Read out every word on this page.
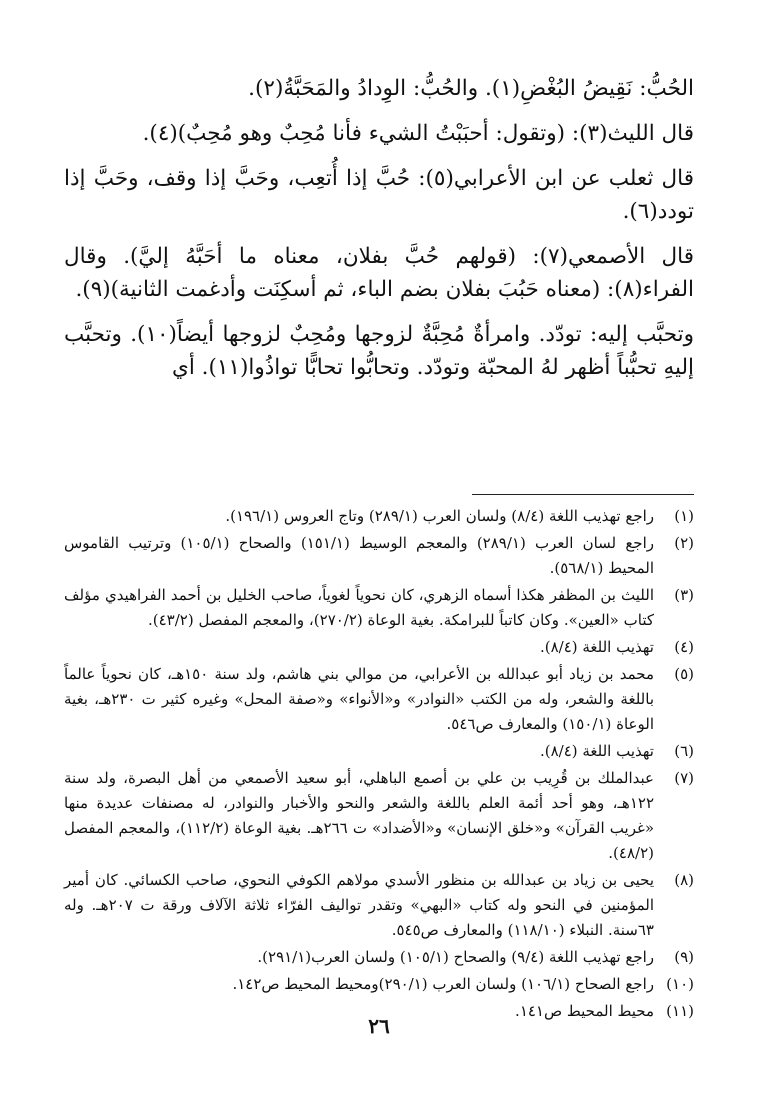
الحُبُّ: نَقِيضُ البُغْضِ(١). والحُبُّ: الوِدادُ والمَحَبَّةُ(٢).

قال الليث(٣): (وتقول: أحبَبْتُ الشيء فأنا مُحِبٌ وهو مُحِبٌ)(٤).

قال ثعلب عن ابن الأعرابي(٥): حُبَّ إذا أُتعِب، وحَبَّ إذا وقف، وحَبَّ إذا تودد(٦).

قال الأصمعي(٧): (قولهم حُبَّ بفلان، معناه ما أحَبَّهُ إليَّ). وقال الفراء(٨): (معناه حَبُبَ بفلان بضم الباء، ثم أسكِنَت وأدغمت الثانية)(٩).

وتحبَّب إليه: تودّد. وامرأةٌ مُحِبَّةٌ لزوجها ومُحِبٌ لزوجها أيضاً(١٠). وتحبَّب إليهِ تحبُّباً أظهر لهُ المحبّة وتودّد. وتحابُّوا تحابًّا تواذُوا(١١). أي

(١)
راجع تهذيب اللغة (٨/٤) ولسان العرب (٢٨٩/١) وتاج العروس (١٩٦/١).
(٢)
راجع لسان العرب (٢٨٩/١) والمعجم الوسيط (١٥١/١) والصحاح (١٠٥/١) وترتيب القاموس المحيط (٥٦٨/١).
(٣)
الليث بن المظفر هكذا أسماه الزهري، كان نحوياً لغوياً، صاحب الخليل بن أحمد الفراهيدي مؤلف كتاب «العين». وكان كاتباً للبرامكة. بغية الوعاة (٢٧٠/٢)، والمعجم المفصل (٤٣/٢).
(٤)
تهذيب اللغة (٨/٤).
(٥)
محمد بن زياد أبو عبدالله بن الأعرابي، من موالي بني هاشم، ولد سنة ١٥٠هـ، كان نحوياً عالماً باللغة والشعر، وله من الكتب «النوادر» و«الأنواء» و«صفة المحل» وغيره كثير ت ٢٣٠هـ، بغية الوعاة (١٥٠/١) والمعارف ص٥٤٦.
(٦)
تهذيب اللغة (٨/٤).
(٧)
عبدالملك بن قُرِيب بن علي بن أصمع الباهلي، أبو سعيد الأصمعي من أهل البصرة، ولد سنة ١٢٢هـ، وهو أحد أئمة العلم باللغة والشعر والنحو والأخبار والنوادر، له مصنفات عديدة منها «غريب القرآن» و«خلق الإنسان» و«الأضداد» ت ٢٦٦هـ. بغية الوعاة (١١٢/٢)، والمعجم المفصل (٤٨/٢).
(٨)
يحيى بن زياد بن عبدالله بن منظور الأسدي مولاهم الكوفي النحوي، صاحب الكسائي. كان أمير المؤمنين في النحو وله كتاب «البهي» وتقدر تواليف الفرّاء ثلاثة الآلاف ورقة ت ٢٠٧هـ. وله ٦٣سنة. النبلاء (١١٨/١٠) والمعارف ص٥٤٥.
(٩)
راجع تهذيب اللغة (٩/٤) والصحاح (١٠٥/١) ولسان العرب(٢٩١/١).
(١٠)
راجع الصحاح (١٠٦/١) ولسان العرب (٢٩٠/١)ومحيط المحيط ص١٤٢.
(١١)
محيط المحيط ص١٤١.
٢٦
